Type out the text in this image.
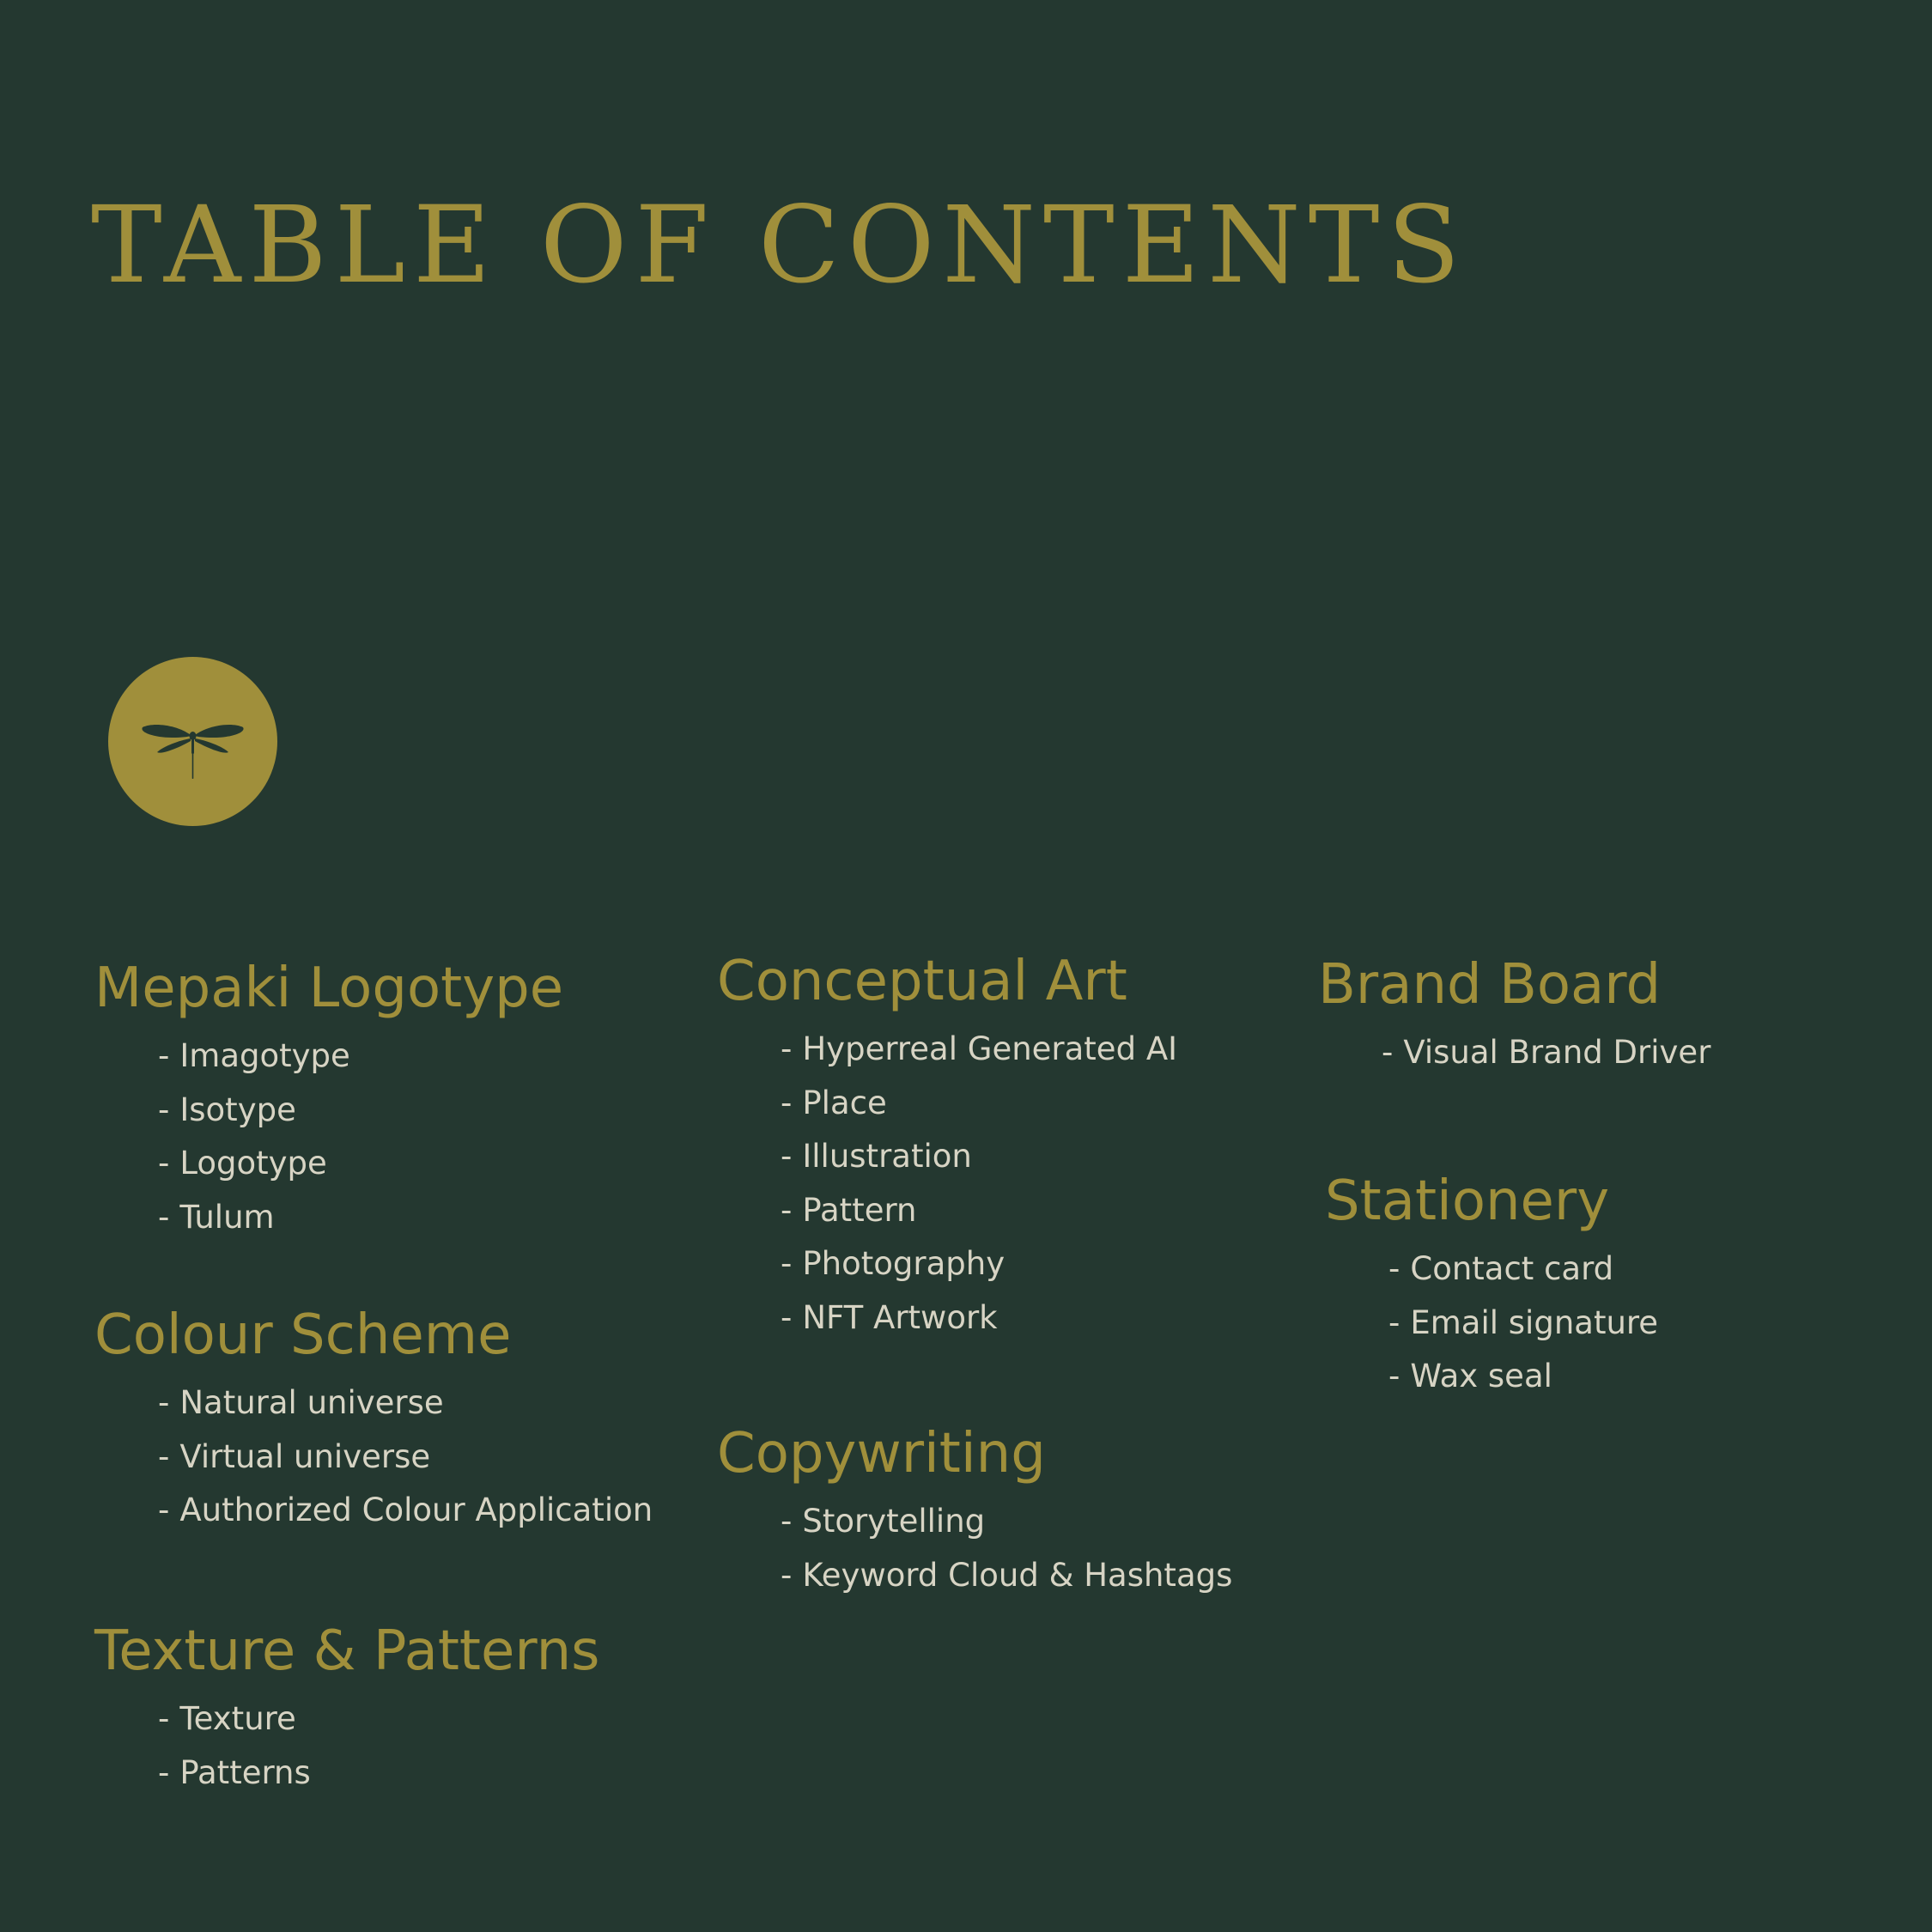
TABLE OF CONTENTS
Mepaki Logotype
- Imagotype
- Isotype
- Logotype
- Tulum
Colour Scheme
- Natural universe
- Virtual universe
- Authorized Colour Application
Texture & Patterns
- Texture
- Patterns
Conceptual Art
- Hyperreal Generated AI
- Place
- Illustration
- Pattern
- Photography
- NFT Artwork
Copywriting
- Storytelling
- Keyword Cloud & Hashtags
Brand Board
- Visual Brand Driver
Stationery
- Contact card
- Email signature
- Wax seal
